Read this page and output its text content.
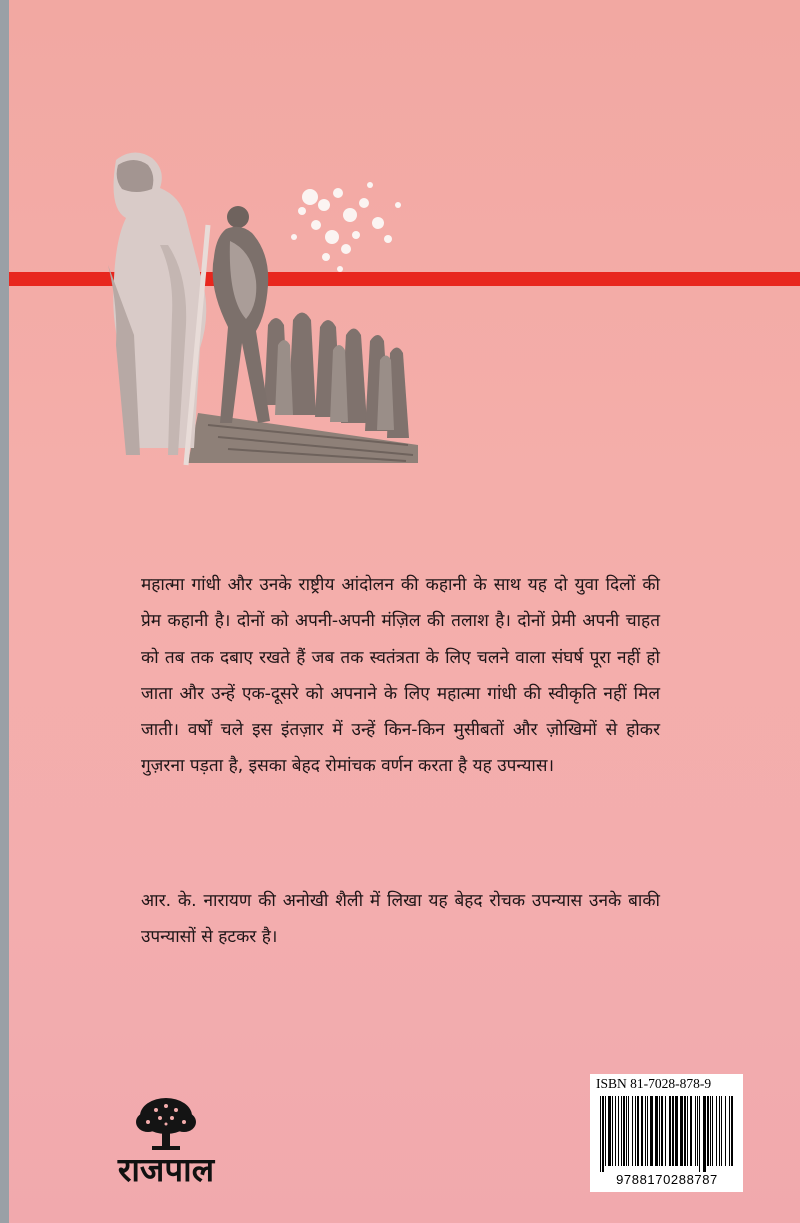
महात्मा गांधी और उनके राष्ट्रीय आंदोलन की कहानी के साथ यह दो युवा दिलों की प्रेम कहानी है। दोनों को अपनी-अपनी मंज़िल की तलाश है। दोनों प्रेमी अपनी चाहत को तब तक दबाए रखते हैं जब तक स्वतंत्रता के लिए चलने वाला संघर्ष पूरा नहीं हो जाता और उन्हें एक-दूसरे को अपनाने के लिए महात्मा गांधी की स्वीकृति नहीं मिल जाती। वर्षों चले इस इंतज़ार में उन्हें किन-किन मुसीबतों और ज़ोखिमों से होकर गुज़रना पड़ता है, इसका बेहद रोमांचक वर्णन करता है यह उपन्यास।

आर. के. नारायण की अनोखी शैली में लिखा यह बेहद रोचक उपन्यास उनके बाकी उपन्यासों से हटकर है।

राजपाल
ISBN 81-7028-878-9
9788170288787
